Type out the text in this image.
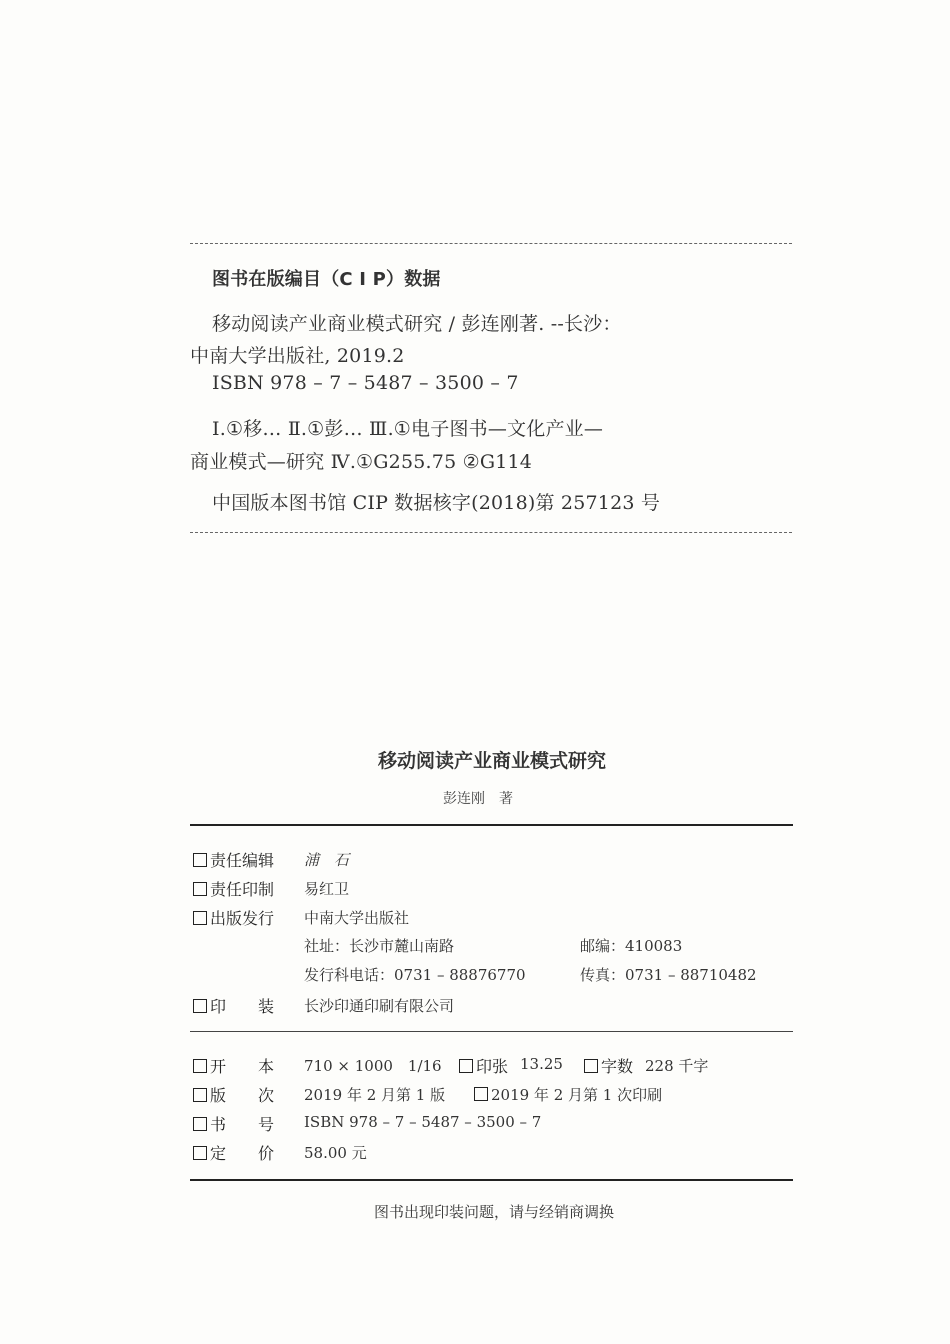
图书在版编目（C I P）数据
移动阅读产业商业模式研究 / 彭连刚著. --长沙：
中南大学出版社, 2019.2
ISBN 978 – 7 – 5487 – 3500 – 7
Ⅰ.①移… Ⅱ.①彭… Ⅲ.①电子图书—文化产业—
商业模式—研究 Ⅳ.①G255.75 ②G114
中国版本图书馆 CIP 数据核字(2018)第 257123 号
移动阅读产业商业模式研究
彭连刚　著
责任编辑 浦　石
责任印制 易红卫
出版发行 中南大学出版社
社址：长沙市麓山南路	邮编：410083
发行科电话：0731 – 88876770	传真：0731 – 88710482
印　　装 长沙印通印刷有限公司
开　　本 710 × 1000　1/16	印张 13.25	字数 228 千字
版　　次 2019 年 2 月第 1 版	2019 年 2 月第 1 次印刷
书　　号 ISBN 978 – 7 – 5487 – 3500 – 7
定　　价 58.00 元
图书出现印装问题，请与经销商调换
